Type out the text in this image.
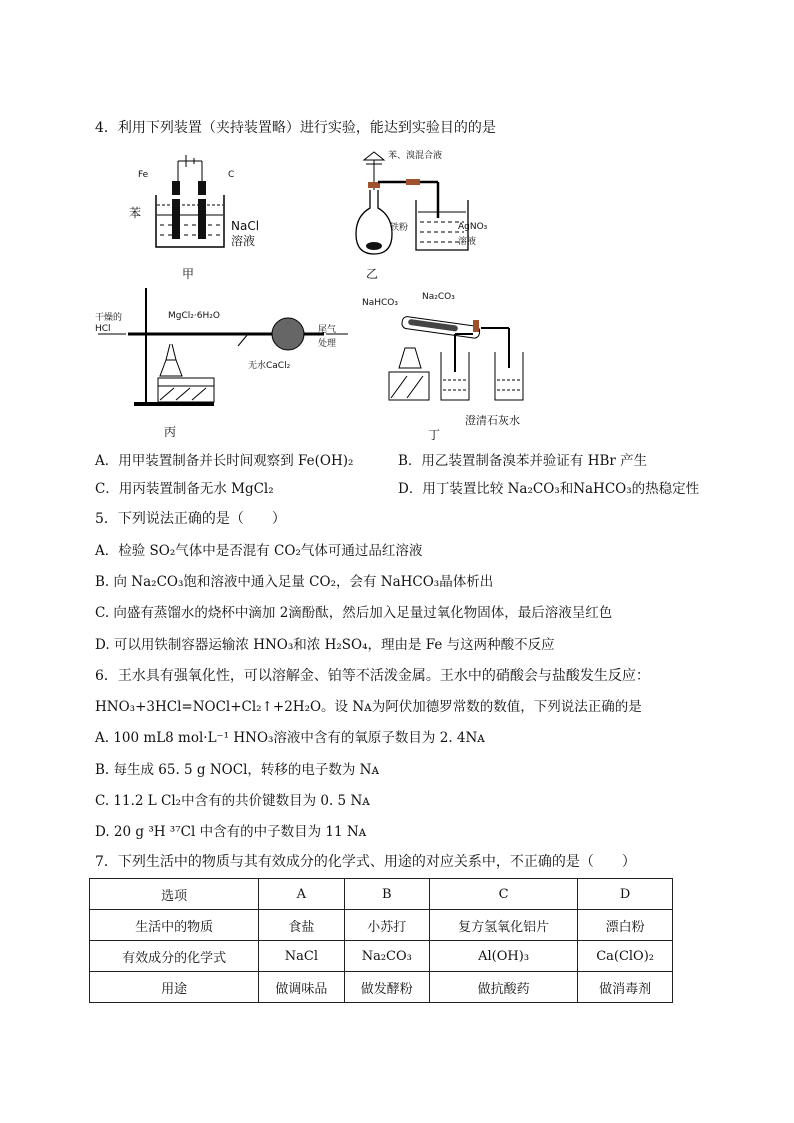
4．利用下列装置（夹持装置略）进行实验，能达到实验目的的是
Fe	C
苯
NaCl
溶液
甲
苯、溴混合液
铁粉	AgNO₃
溶液
乙
干燥的
HCl
MgCl₂·6H₂O
无水CaCl₂
尾气
处理
丙
NaHCO₃
Na₂CO₃
澄清石灰水
丁
A．用甲装置制备并长时间观察到 Fe(OH)₂	B．用乙装置制备溴苯并验证有 HBr 产生
C．用丙装置制备无水 MgCl₂	D．用丁装置比较 Na₂CO₃和NaHCO₃的热稳定性
5．下列说法正确的是（　　）
A．检验 SO₂气体中是否混有 CO₂气体可通过品红溶液
B. 向 Na₂CO₃饱和溶液中通入足量 CO₂，会有 NaHCO₃晶体析出
C. 向盛有蒸馏水的烧杯中滴加 2滴酚酞，然后加入足量过氧化物固体，最后溶液呈红色
D. 可以用铁制容器运输浓 HNO₃和浓 H₂SO₄，理由是 Fe 与这两种酸不反应
6．王水具有强氧化性，可以溶解金、铂等不活泼金属。王水中的硝酸会与盐酸发生反应：
HNO₃+3HCl=NOCl+Cl₂↑+2H₂O。设 Nᴀ为阿伏加德罗常数的数值，下列说法正确的是
A. 100 mL8 mol·L⁻¹ HNO₃溶液中含有的氧原子数目为 2. 4Nᴀ
B. 每生成 65. 5 g NOCl，转移的电子数为 Nᴀ
C. 11.2 L Cl₂中含有的共价键数目为 0. 5 Nᴀ
D. 20 g ³H ³⁷Cl 中含有的中子数目为 11 Nᴀ
7．下列生活中的物质与其有效成分的化学式、用途的对应关系中，不正确的是（　　）
选项	A	B	C	D
生活中的物质	食盐	小苏打	复方氢氧化铝片	漂白粉
有效成分的化学式	NaCl	Na₂CO₃	Al(OH)₃	Ca(ClO)₂
用途	做调味品	做发酵粉	做抗酸药	做消毒剂
